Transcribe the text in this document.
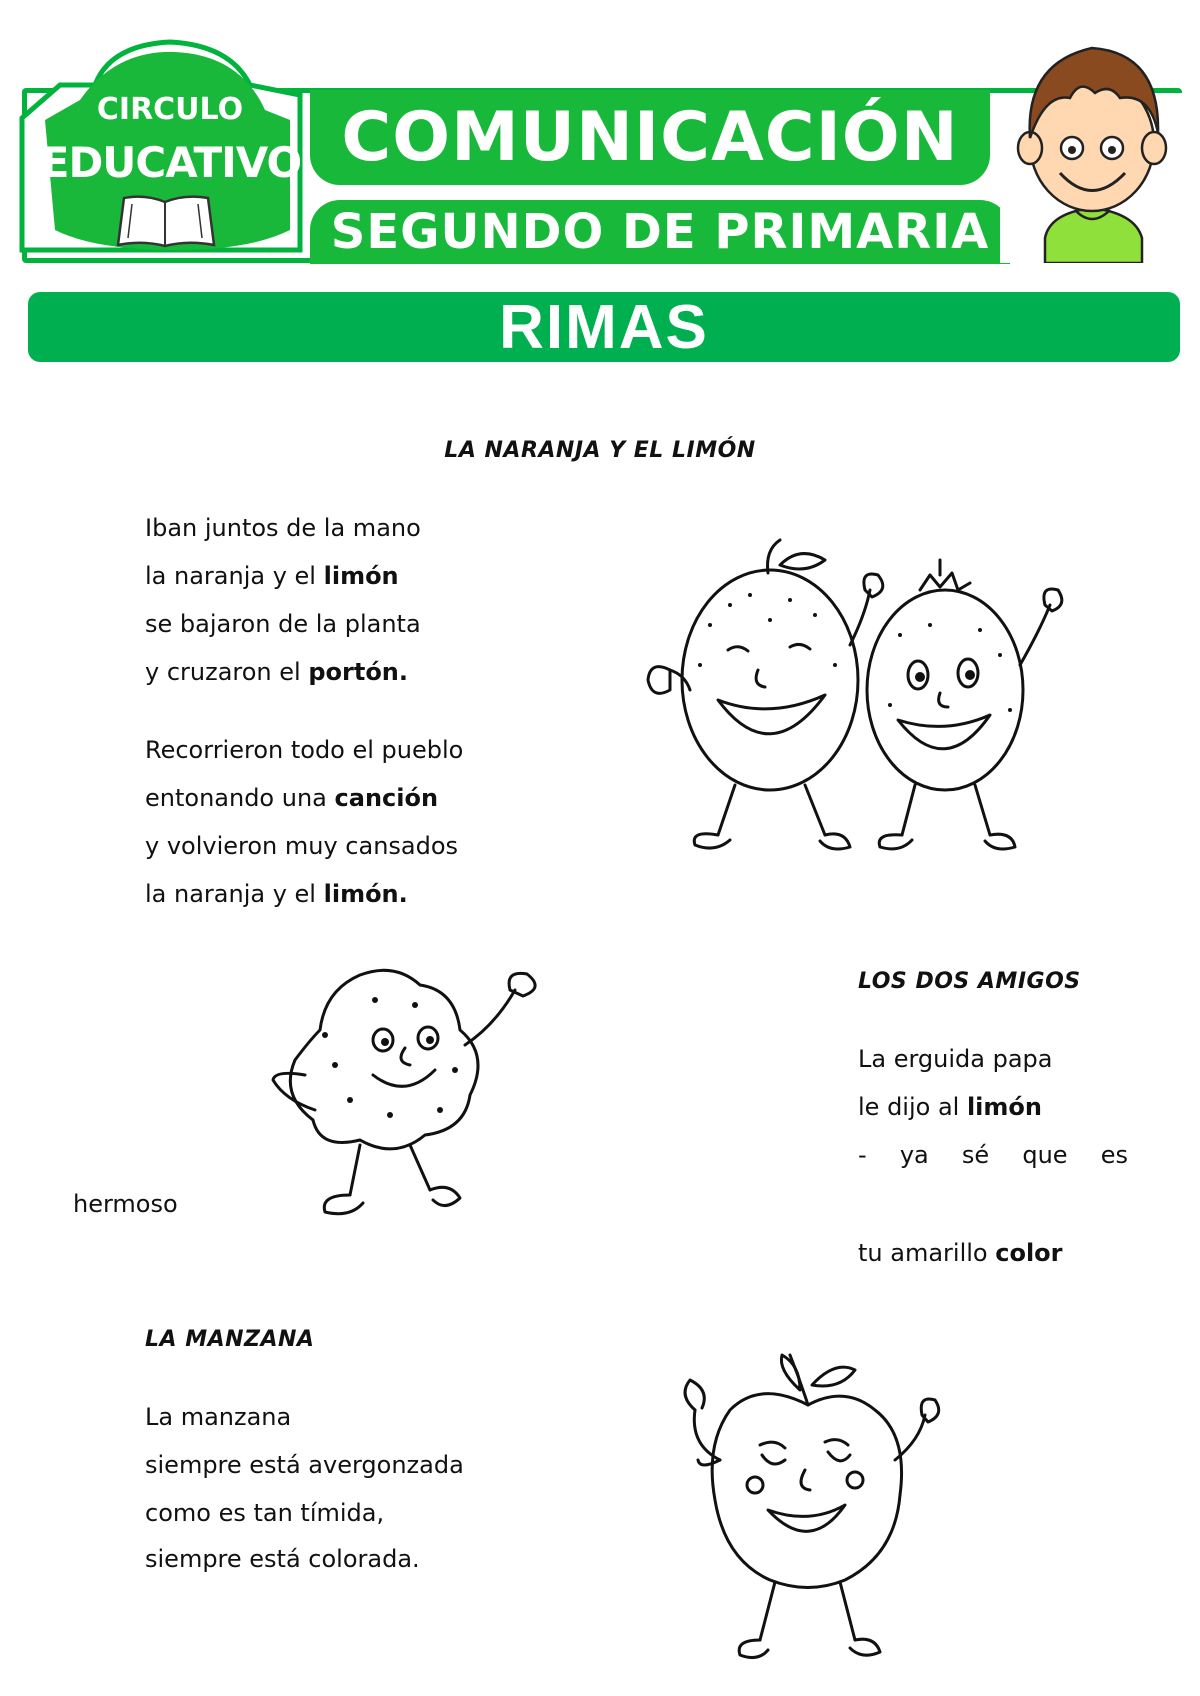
CIRCULO
EDUCATIVO COMUNICACIÓN
SEGUNDO DE PRIMARIA
RIMAS
LA NARANJA Y EL LIMÓN
Iban juntos de la mano
la naranja y el limón
se bajaron de la planta
y cruzaron el portón.
Recorrieron todo el pueblo
entonando una canción
y volvieron muy cansados
la naranja y el limón.
LOS DOS AMIGOS
La erguida papa
le dijo al limón
- ya sé que es
hermoso
tu amarillo color
LA MANZANA
La manzana
siempre está avergonzada
como es tan tímida,
siempre está colorada.
